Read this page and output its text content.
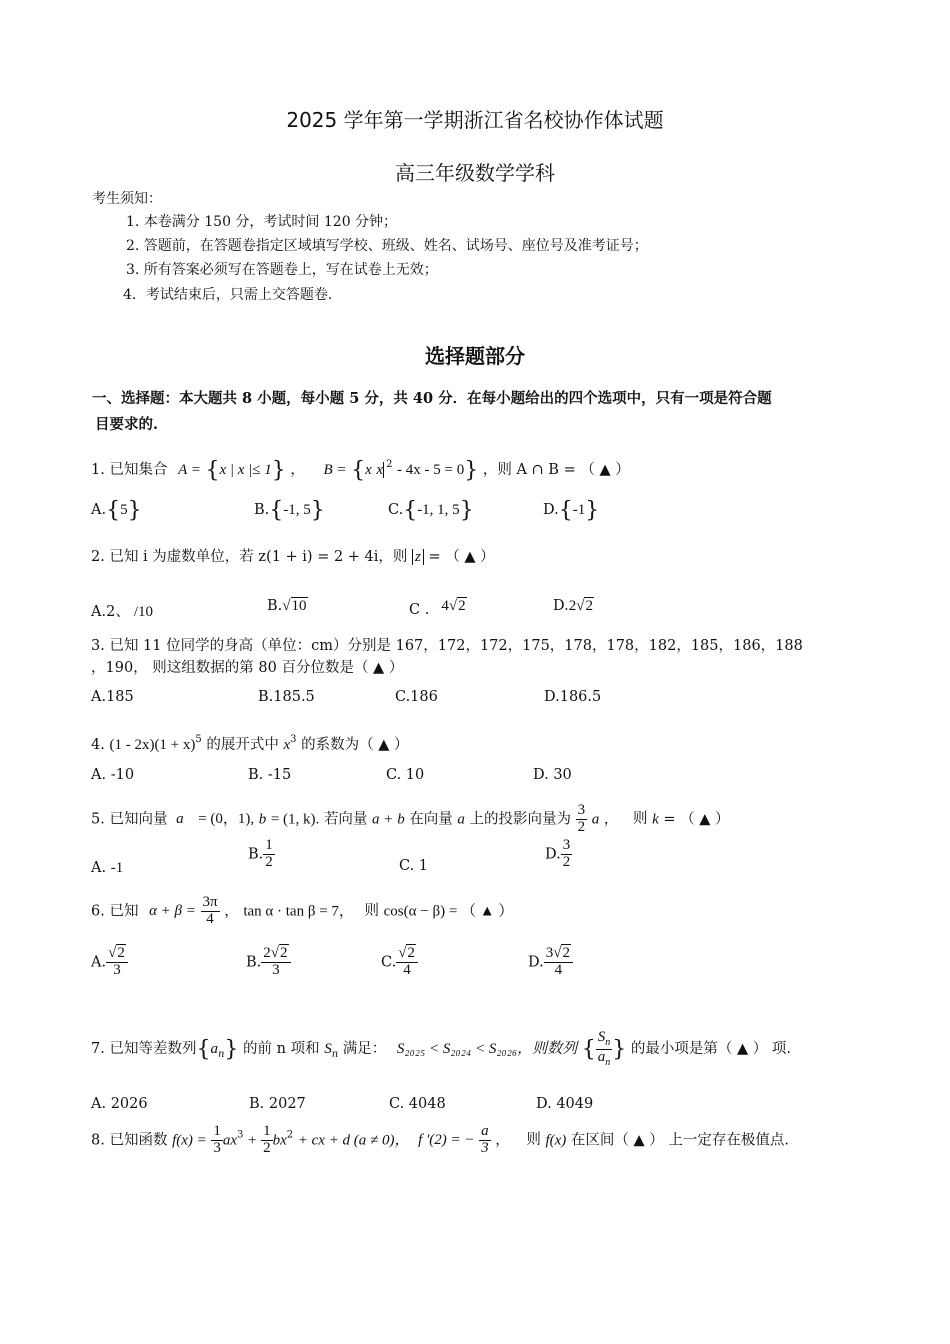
2025 学年第一学期浙江省名校协作体试题
高三年级数学学科
考生须知：
1. 本卷满分 150 分，考试时间 120 分钟；
2. 答题前，在答题卷指定区域填写学校、班级、姓名、试场号、座位号及准考证号；
3. 所有答案必须写在答题卷上，写在试卷上无效；
4．考试结束后，只需上交答题卷.
选择题部分
一、选择题：本大题共 8 小题，每小题 5 分，共 40 分．在每小题给出的四个选项中，只有一项是符合题
目要求的.
1. 已知集合 A = {x | x |≤ 1} ， B = {x x $^2$ - 4x - 5 = 0} ，则 A ∩ B = （ ▲ ）
A.{5}	B.{-1, 5}	C.{-1, 1, 5}	D.{-1}
2. 已知 i 为虚数单位，若 z(1 + i) = 2 + 4i，则 z = （ ▲ ）
A.2、 /10	B.√10	C . 4√2	D.2√2
3. 已知 11 位同学的身高（单位：cm）分别是 167，172，172，175，178，178，182，185，186，188
，190， 则这组数据的第 80 百分位数是（ ▲ ）
A.185	B.185.5	C.186	D.186.5
4. $(1 - 2x)(1 + x)^5$ 的展开式中 $x^3$ 的系数为（ ▲ ）
A. -10	B. -15	C. 10	D. 30
5. 已知向量 a = (0，1), b = (1, k). 若向量 a + b 在向量 a 上的投影向量为 $\frac{3}{2}$ a ， 则 k = （ ▲ ）
A. -1
B. $\frac{1}{2}$	C. 1
D. $\frac{3}{2}$
6. 已知 $\alpha + \beta = \frac{3\pi}{4}$ ， tan α · tan β = 7， 则 cos(α − β) = （ ▲ ）
A. $\frac{√2}{3}$	B. $\frac{2√2}{3}$	C. $\frac{√2}{4}$	D. $\frac{3√2}{4}$
7. 已知等差数列$\{a_n\}$ 的前 n 项和 $S_n$ 满足： S₂₀₂₅ < S₂₀₂₄ < S₂₀₂₆，则数列 { $\frac{S_n}{a_n}$ } 的最小项是第（ ▲ ） 项.
A. 2026	B. 2027	C. 4048	D. 4049
8. 已知函数 $f(x) = \frac{1}{3} ax^3 + \frac{1}{2} bx^2$ + cx + d (a ≠ 0)， f '(2) = − $\frac{a}{3}$ ， 则 f(x) 在区间（ ▲ ） 上一定存在极值点.
